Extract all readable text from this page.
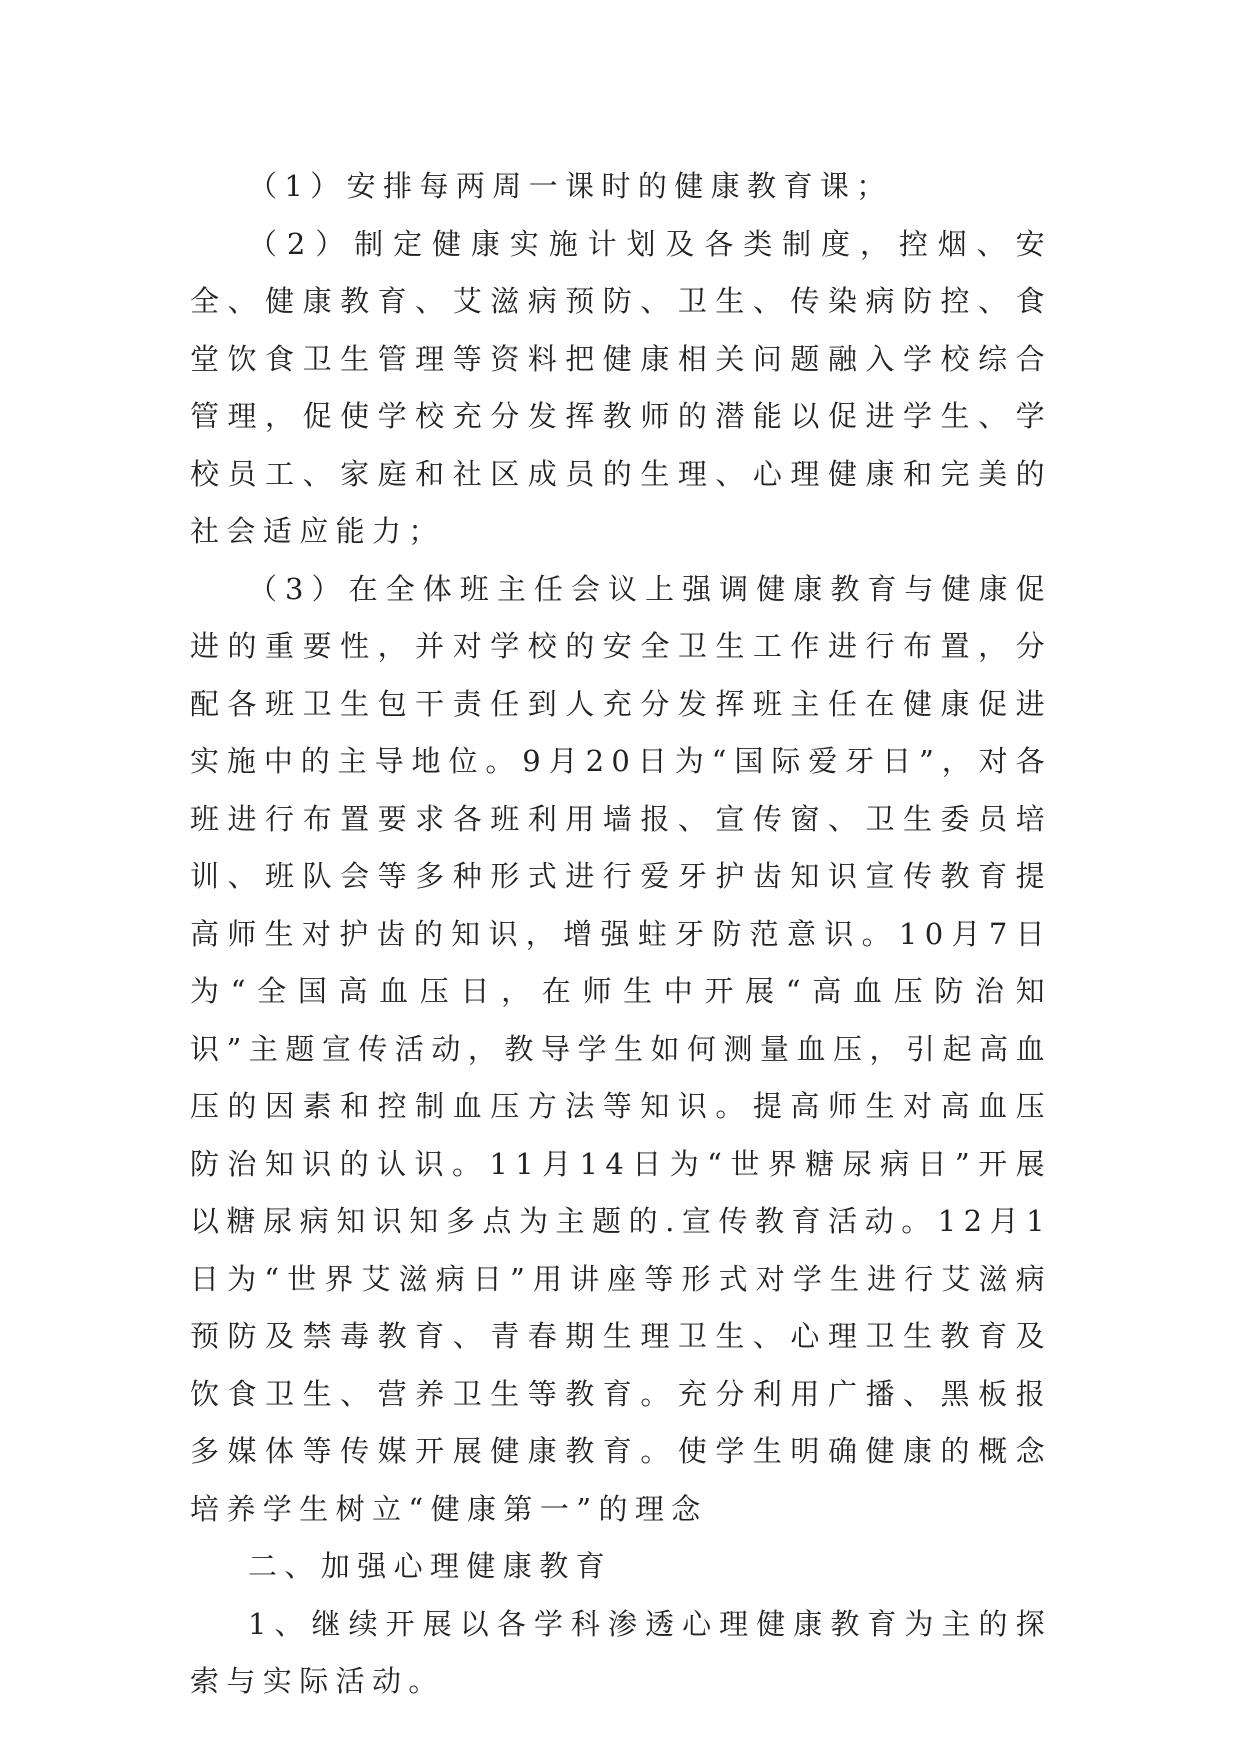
（1）安排每两周一课时的健康教育课；

（2）制定健康实施计划及各类制度，控烟、安全、健康教育、艾滋病预防、卫生、传染病防控、食堂饮食卫生管理等资料把健康相关问题融入学校综合管理，促使学校充分发挥教师的潜能以促进学生、学校员工、家庭和社区成员的生理、心理健康和完美的社会适应能力；

（3）在全体班主任会议上强调健康教育与健康促进的重要性，并对学校的安全卫生工作进行布置，分配各班卫生包干责任到人充分发挥班主任在健康促进实施中的主导地位。9月20日为“国际爱牙日”，对各班进行布置要求各班利用墙报、宣传窗、卫生委员培训、班队会等多种形式进行爱牙护齿知识宣传教育提高师生对护齿的知识，增强蛀牙防范意识。10月7日为“全国高血压日，在师生中开展“高血压防治知识”主题宣传活动，教导学生如何测量血压，引起高血压的因素和控制血压方法等知识。提高师生对高血压防治知识的认识。11月14日为“世界糖尿病日”开展以糖尿病知识知多点为主题的.宣传教育活动。12月1日为“世界艾滋病日”用讲座等形式对学生进行艾滋病预防及禁毒教育、青春期生理卫生、心理卫生教育及饮食卫生、营养卫生等教育。充分利用广播、黑板报多媒体等传媒开展健康教育。使学生明确健康的概念培养学生树立“健康第一”的理念

二、加强心理健康教育

1、继续开展以各学科渗透心理健康教育为主的探索与实际活动。
